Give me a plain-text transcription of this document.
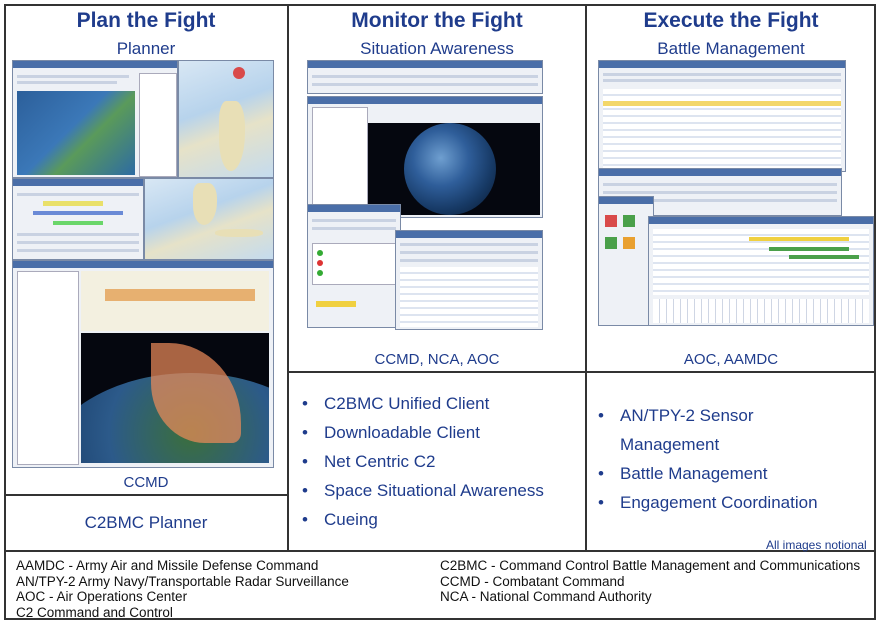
Plan the Fight
Planner
CCMD
C2BMC Planner
Monitor the Fight
Situation Awareness
CCMD, NCA, AOC
• C2BMC Unified Client
• Downloadable Client
• Net Centric C2
• Space Situational Awareness
• Cueing
Execute the Fight
Battle Management
AOC, AAMDC
• AN/TPY-2 Sensor Management
• Battle Management
• Engagement Coordination
All images notional
AAMDC - Army Air and Missile Defense Command
AN/TPY-2 Army Navy/Transportable Radar Surveillance
AOC - Air Operations Center
C2 Command and Control
C2BMC - Command Control Battle Management and Communications
CCMD - Combatant Command
NCA - National Command Authority
